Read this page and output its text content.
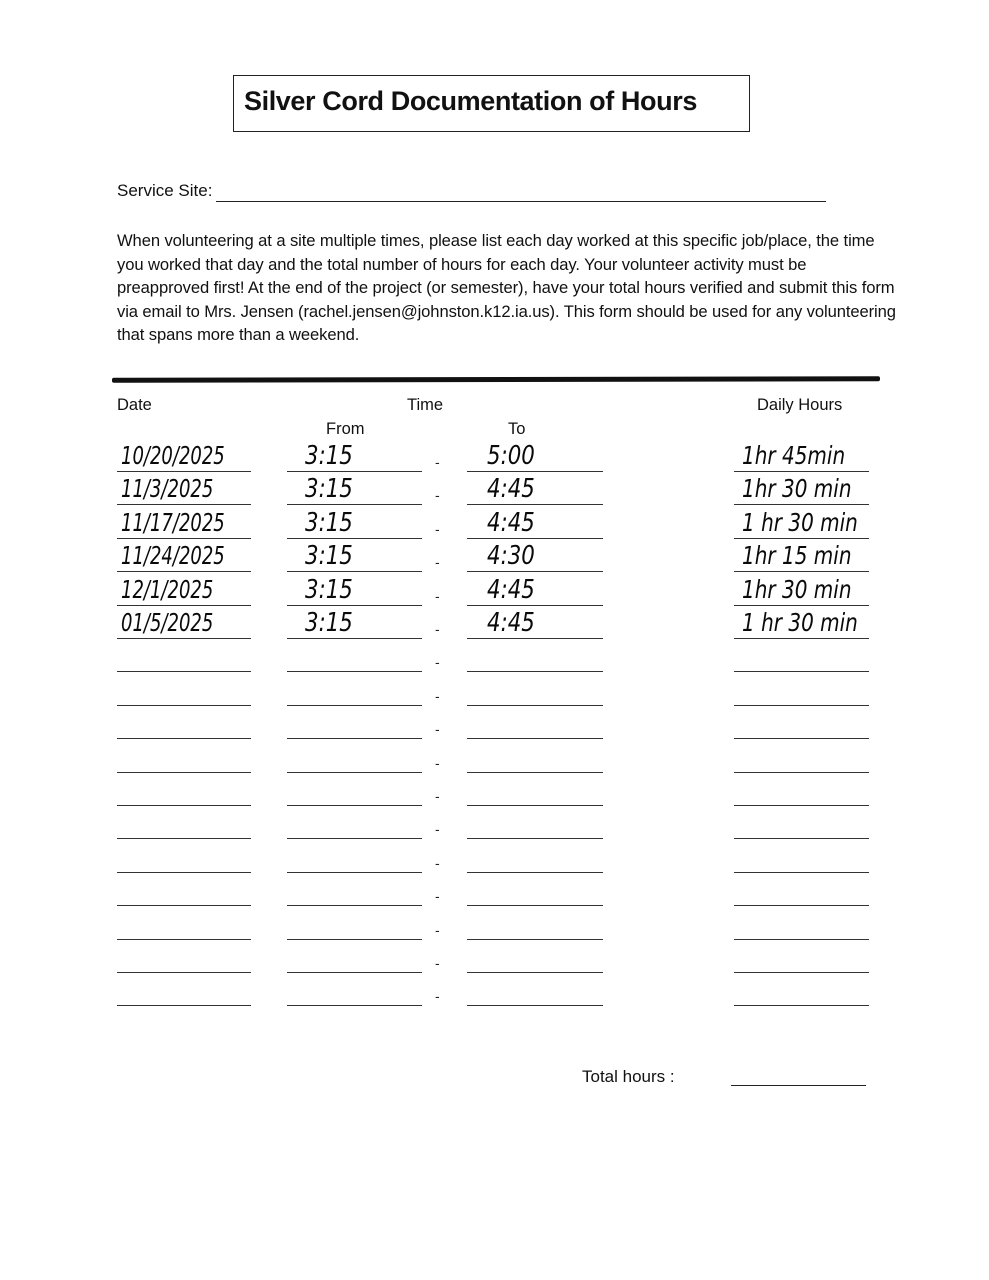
Silver Cord Documentation of Hours
Service Site:

When volunteering at a site multiple times, please list each day worked at this specific job/place, the time you worked that day and the total number of hours for each day. Your volunteer activity must be preapproved first! At the end of the project (or semester), have your total hours verified and submit this form via email to Mrs. Jensen (rachel.jensen@johnston.k12.ia.us). This form should be used for any volunteering that spans more than a weekend.

Date	Time	Daily Hours
From	To
10/20/2025	3:15	- 5:00	1hr 45min
11/3/2025	3:15	- 4:45	1hr 30 min
11/17/2025	3:15	- 4:45	1 hr 30 min
11/24/2025	3:15	- 4:30	1hr 15 min
12/1/2025	3:15	- 4:45	1hr 30 min
01/5/2025	3:15	- 4:45	1 hr 30 min
-
-
-
-
-
-
-
-
-
-
-
Total hours :
